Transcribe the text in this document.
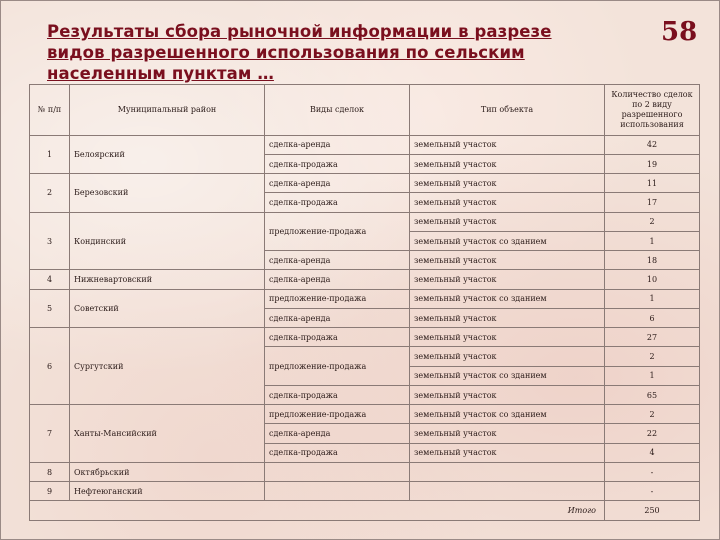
Результаты сбора рыночной информации в разрезе видов разрешенного использования по сельским населенным пунктам …
58
№ п/п	Муниципальный район	Виды сделок	Тип объекта	Количество сделок по 2 виду разрешенного использования
1	Белоярский	сделка-аренда	земельный участок	42
		сделка-продажа	земельный участок	19
2	Березовский	сделка-аренда	земельный участок	11
		сделка-продажа	земельный участок	17
3	Кондинский	предложение-продажа	земельный участок	2
			земельный участок со зданием	1
		сделка-аренда	земельный участок	18
4	Нижневартовский	сделка-аренда	земельный участок	10
5	Советский	предложение-продажа	земельный участок со зданием	1
		сделка-аренда	земельный участок	6
6	Сургутский	сделка-продажа	земельный участок	27
		предложение-продажа	земельный участок	2
			земельный участок со зданием	1
		сделка-продажа	земельный участок	65
7	Ханты-Мансийский	предложение-продажа	земельный участок со зданием	2
		сделка-аренда	земельный участок	22
		сделка-продажа	земельный участок	4
8	Октябрьский			-
9	Нефтеюганский			-
Итого				250
